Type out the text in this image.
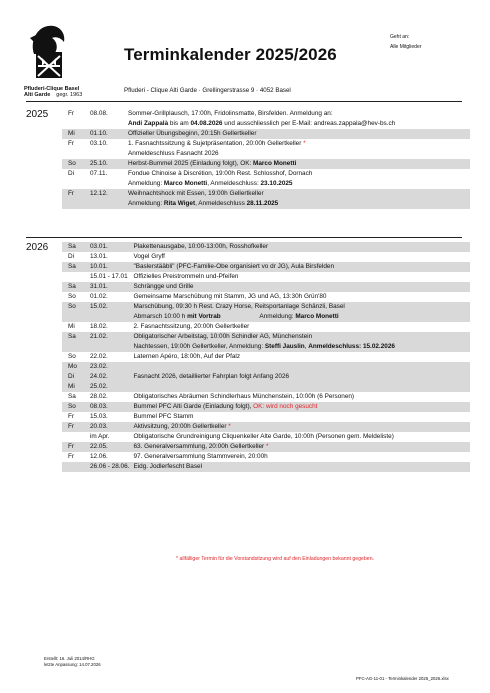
Pfluderi-Clique Basel
Alti Garde gegr. 1963
Terminkalender 2025/2026
Pfluderi - Clique Alti Garde · Grellingerstrasse 9 · 4052 Basel
Geht an:
Alle Mitglieder
2025	Fr	08.08.	Sommer-Grillplausch, 17:00h, Fridolinsmatte, Birsfelden. Anmeldung an:
		Andi Zappalà bis am 04.08.2026 und ausschliesslich per E-Mail: andreas.zappala@hev-bs.ch
Mi	01.10.	Offizieller Übungsbeginn, 20:15h Gellertkeller
Fr	03.10.	1. Fasnachtssitzung & Sujetpräsentation, 20:00h Gellertkeller *
		Anmeldeschluss Fasnacht 2026
So	25.10.	Herbst-Bummel 2025 (Einladung folgt), OK: Marco Monetti
Di	07.11.	Fondue Chinoise à Discrétion, 19:00h Rest. Schlosshof, Dornach
		Anmeldung: Marco Monetti, Anmeldeschluss: 23.10.2025
Fr	12.12.	Weihnachtshock mit Essen, 19:00h Gellertkeller
		Anmeldung: Rita Wiget, Anmeldeschluss 28.11.2025
2026	Sa	03.01.	Plakettenausgabe, 10:00-13:00h, Rosshofkeller
Di	13.01.	Vogel Gryff
Sa	10.01.	"Baslerstääbli" (PFC-Familie-Obe organisiert vo dr JG), Aula Birsfelden
	15.01 - 17.01	Offizielles Preistrommeln und-Pfeifen
Sa	31.01.	Schrängge und Grille
So	01.02.	Gemeinsame Marschübung mit Stamm, JG und AG, 13:30h Grün'80
So	15.02.	Marschübung, 09:30 h Rest. Crazy Horse, Reitsportanlage Schänzli, Basel
		Abmarsch 10:00 h mit Vortrab                      Anmeldung: Marco Monetti
Mi	18.02.	2. Fasnachtssitzung, 20:00h Gellertkeller
Sa	21.02.	Obligatorischer Arbeitstag, 10:00h Schindler AG, Münchenstein
		Nachtessen, 19:00h Gellertkeller, Anmeldung: Steffi Jauslin, Anmeldeschluss: 15.02.2026
So	22.02.	Laternen Apéro, 18:00h, Auf der Pfalz
Mo	23.02.	
Di	24.02.	Fasnacht 2026, detaillierter Fahrplan folgt Anfang 2026
Mi	25.02.	
Sa	28.02.	Obligatorisches Abräumen Schindlerhaus Münchenstein, 10:00h (6 Personen)
So	08.03.	Bummel PFC Alti Garde (Einladung folgt), OK: wird noch gesucht
Fr	15.03.	Bummel PFC Stamm
Fr	20.03.	Aktivsitzung, 20:00h Gellertkeller *
	im Apr.	Obligatorische Grundreinigung Cliquenkeller Alte Garde, 10:00h (Personen gem. Meldeliste)
Fr	22.05.	63. Generalversammlung, 20:00h Gellertkeller *
Fr	12.06.	97. Generalversammlung Stammverein, 20:00h
	26.06 - 28.06.	Eidg. Jodlerfescht Basel
* allfälliger Termin für die Vorstandsitzung wird auf den Einladungen bekannt gegeben.
Erstellt: 16. Juli 2014/RHG
letzte Anpassung: 14.07.2026
PFC-AG-11-01 - Terminkalender 2025_2026.xlsx
